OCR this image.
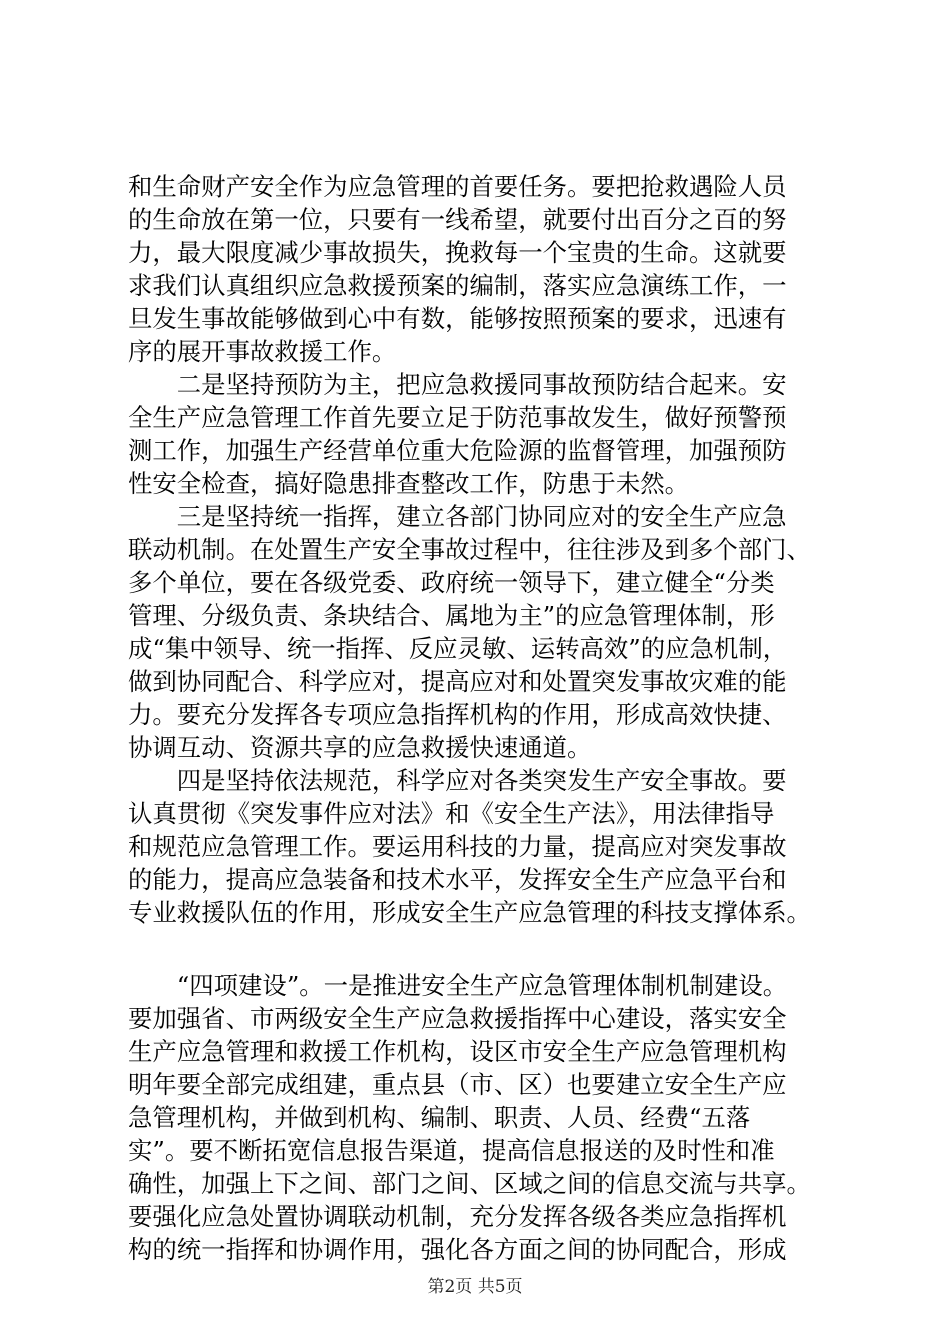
和生命财产安全作为应急管理的首要任务。要把抢救遇险人员
的生命放在第一位，只要有一线希望，就要付出百分之百的努
力，最大限度减少事故损失，挽救每一个宝贵的生命。这就要
求我们认真组织应急救援预案的编制，落实应急演练工作，一
旦发生事故能够做到心中有数，能够按照预案的要求，迅速有
序的展开事故救援工作。
　　二是坚持预防为主，把应急救援同事故预防结合起来。安
全生产应急管理工作首先要立足于防范事故发生，做好预警预
测工作，加强生产经营单位重大危险源的监督管理，加强预防
性安全检查，搞好隐患排查整改工作，防患于未然。
　　三是坚持统一指挥，建立各部门协同应对的安全生产应急
联动机制。在处置生产安全事故过程中，往往涉及到多个部门、
多个单位，要在各级党委、政府统一领导下，建立健全“分类
管理、分级负责、条块结合、属地为主”的应急管理体制，形
成“集中领导、统一指挥、反应灵敏、运转高效”的应急机制，
做到协同配合、科学应对，提高应对和处置突发事故灾难的能
力。要充分发挥各专项应急指挥机构的作用，形成高效快捷、
协调互动、资源共享的应急救援快速通道。
　　四是坚持依法规范，科学应对各类突发生产安全事故。要
认真贯彻《突发事件应对法》和《安全生产法》，用法律指导
和规范应急管理工作。要运用科技的力量，提高应对突发事故
的能力，提高应急装备和技术水平，发挥安全生产应急平台和
专业救援队伍的作用，形成安全生产应急管理的科技支撑体系。
　　“四项建设”。一是推进安全生产应急管理体制机制建设。
要加强省、市两级安全生产应急救援指挥中心建设，落实安全
生产应急管理和救援工作机构，设区市安全生产应急管理机构
明年要全部完成组建，重点县（市、区）也要建立安全生产应
急管理机构，并做到机构、编制、职责、人员、经费“五落
实”。要不断拓宽信息报告渠道，提高信息报送的及时性和准
确性，加强上下之间、部门之间、区域之间的信息交流与共享。
要强化应急处置协调联动机制，充分发挥各级各类应急指挥机
构的统一指挥和协调作用，强化各方面之间的协同配合，形成
第2页 共5页
